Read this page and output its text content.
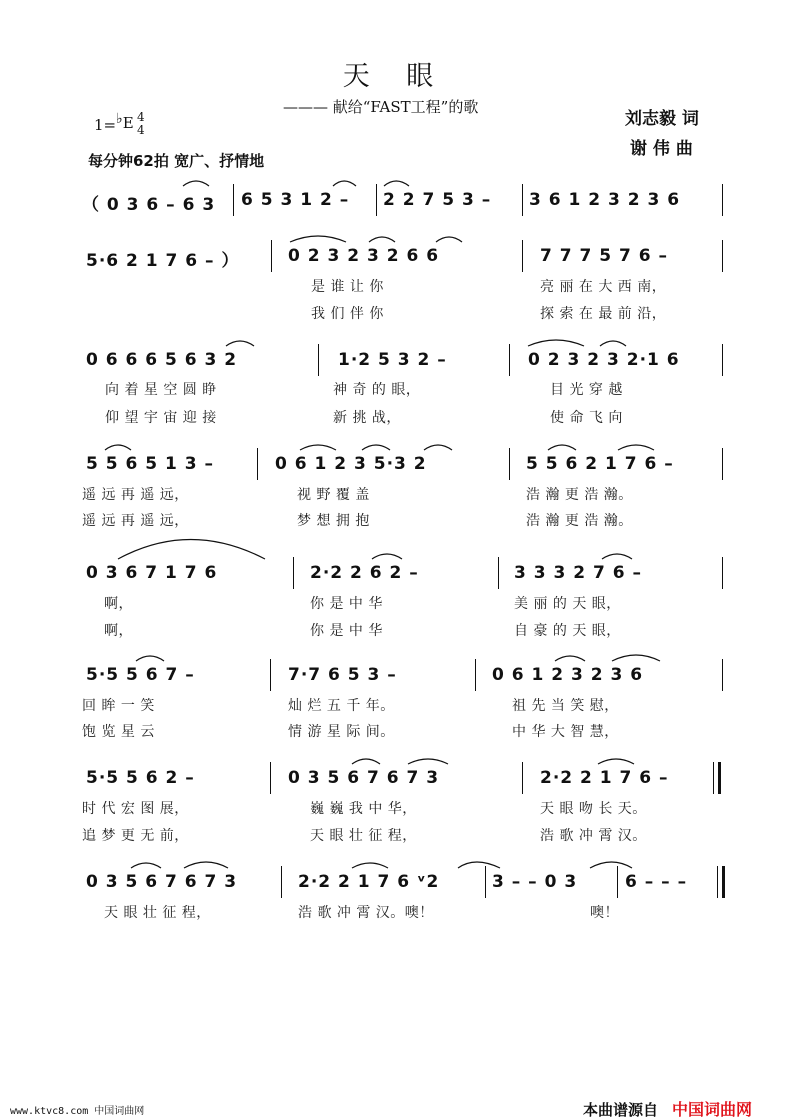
天 眼
——— 献给“FAST工程”的歌
刘志毅 词
谢 伟 曲
1=♭E 4
4
每分钟62拍 宽广、抒情地
（ 0 3 6 – 6 3 6 5 3 1 2 – 2 2 7 5 3 – 3 6 1 2 3 2 3 6
5·6 2 1 7 6 – ）	0 2 3 2 3 2 6 6	7 7 7 5 7 6 –
是 谁 让 你	亮 丽 在 大 西 南，
我 们 伴 你	探 索 在 最 前 沿，
0 6 6 6 5 6 3 2	1·2 5 3 2 –	0 2 3 2 3 2·1 6
向 着 星 空 圆 睁	神 奇 的 眼，	目 光 穿 越
仰 望 宇 宙 迎 接	新 挑 战，	使 命 飞 向
5 5 6 5 1 3 –	0 6 1 2 3 5·3 2	5 5 6 2 1 7 6 –
遥 远 再 遥 远，	视 野 覆 盖	浩 瀚 更 浩 瀚。
遥 远 再 遥 远，	梦 想 拥 抱	浩 瀚 更 浩 瀚。
0 3 6 7 1 7 6	2·2 2 6 2 –	3 3 3 2 7 6 –
啊，	你 是 中 华	美 丽 的 天 眼，
啊，	你 是 中 华	自 豪 的 天 眼，
5·5 5 6 7 –	7·7 6 5 3 –	0 6 1 2 3 2 3 6
回 眸 一 笑	灿 烂 五 千 年。	祖 先 当 笑 慰，
饱 览 星 云	情 游 星 际 间。	中 华 大 智 慧，
5·5 5 6 2 –	0 3 5 6 7 6 7 3	2·2 2 1 7 6 –
时 代 宏 图 展，	巍 巍 我 中 华，	天 眼 吻 长 天。
追 梦 更 无 前，	天 眼 壮 征 程，	浩 歌 冲 霄 汉。
0 3 5 6 7 6 7 3	2·2 2 1 7 6 ᵛ2	3 – – 0 3	6 – – –
天 眼 壮 征 程，	浩 歌 冲 霄 汉。噢！	噢！
www.ktvc8.com 中国词曲网	本曲谱源自 中国词曲网
